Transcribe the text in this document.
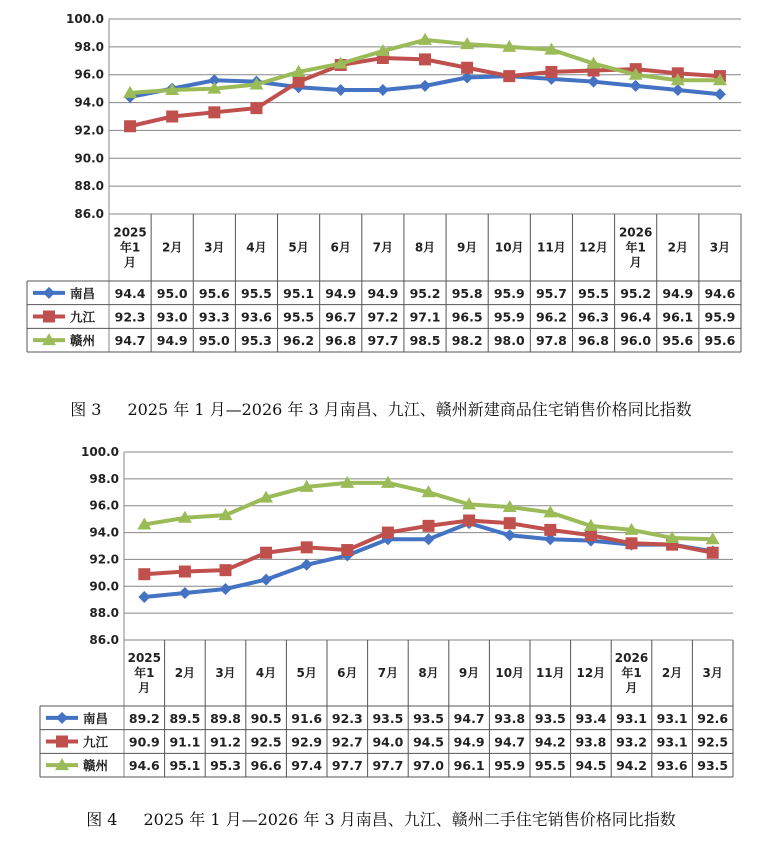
86.0
88.0
90.0
92.0
94.0
96.0
98.0
100.0
2025
年1
月
2月 3月 4月 5月 6月 7月 8月 9月 10月 11月 12月
2026
年1
月
2月 3月
南昌 94.4 95.0 95.6 95.5 95.1 94.9 94.9 95.2 95.8 95.9 95.7 95.5 95.2 94.9 94.6
九江 92.3 93.0 93.3 93.6 95.5 96.7 97.2 97.1 96.5 95.9 96.2 96.3 96.4 96.1 95.9
赣州 94.7 94.9 95.0 95.3 96.2 96.8 97.7 98.5 98.2 98.0 97.8 96.8 96.0 95.6 95.6
图 3 2025 年 1 月—2026 年 3 月南昌、九江、赣州新建商品住宅销售价格同比指数
86.0
88.0
90.0
92.0
94.0
96.0
98.0
100.0
2025
年1
月
2月 3月 4月 5月 6月 7月 8月 9月 10月 11月 12月
2026
年1
月
2月 3月
南昌 89.2 89.5 89.8 90.5 91.6 92.3 93.5 93.5 94.7 93.8 93.5 93.4 93.1 93.1 92.6
九江 90.9 91.1 91.2 92.5 92.9 92.7 94.0 94.5 94.9 94.7 94.2 93.8 93.2 93.1 92.5
赣州 94.6 95.1 95.3 96.6 97.4 97.7 97.7 97.0 96.1 95.9 95.5 94.5 94.2 93.6 93.5
图 4 2025 年 1 月—2026 年 3 月南昌、九江、赣州二手住宅销售价格同比指数
